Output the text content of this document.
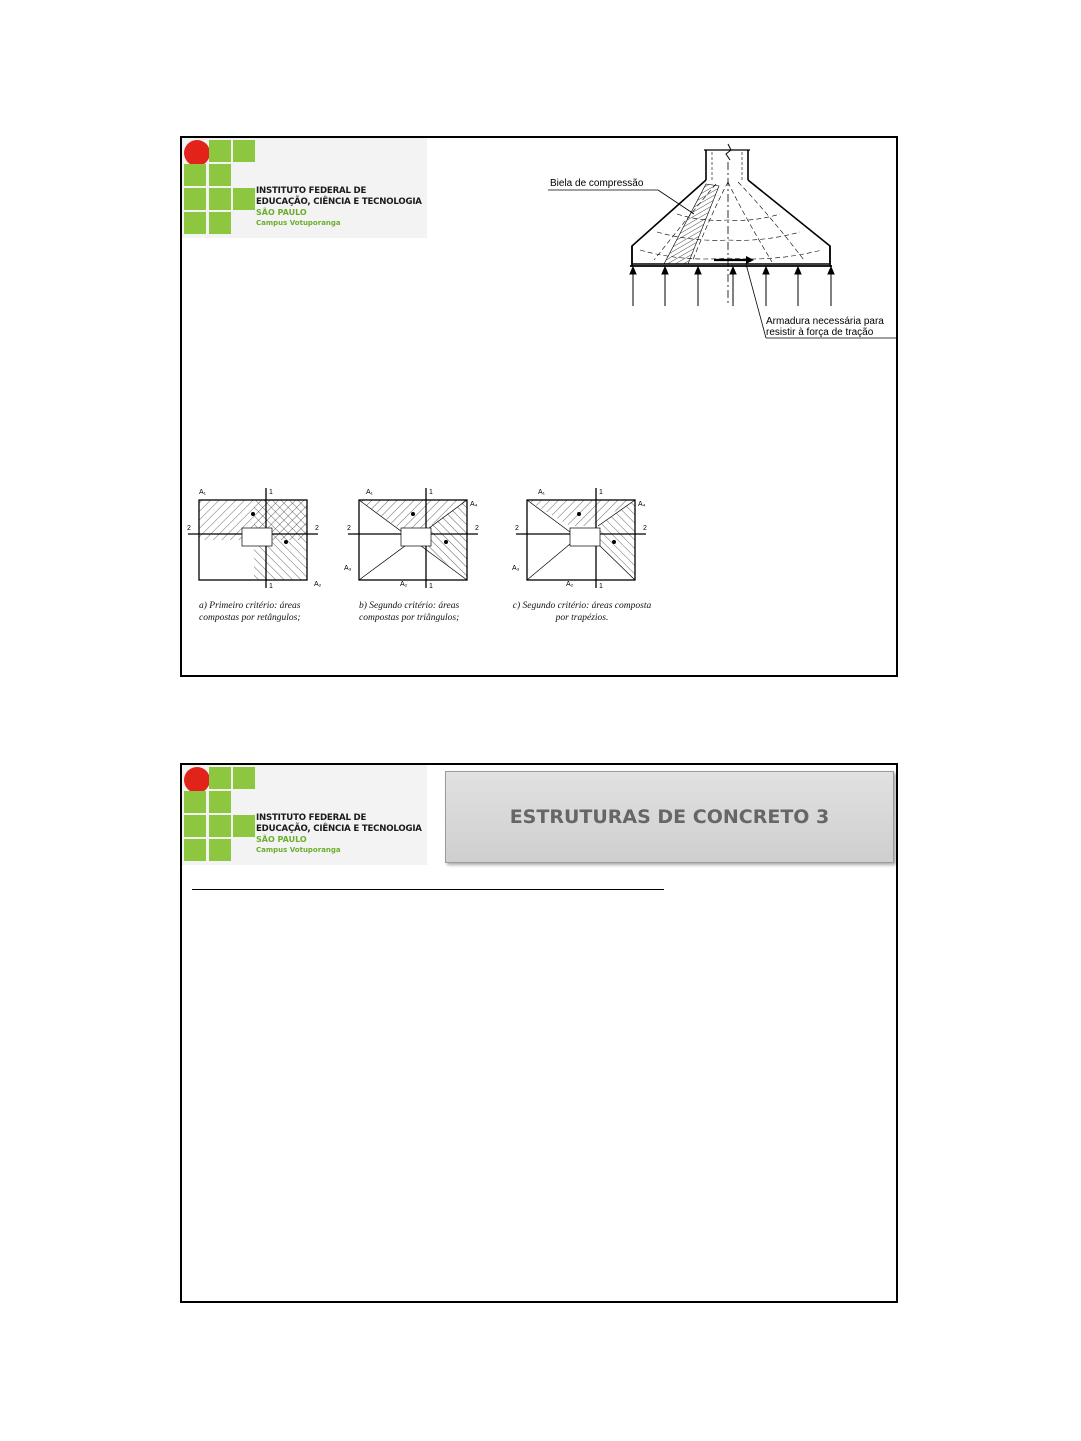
INSTITUTO FEDERAL DE
EDUCAÇÃO, CIÊNCIA E TECNOLOGIA
SÃO PAULO
Campus Votuporanga
Biela de compressão
Armadura necessária para
resistir à força de tração
A₁
A₂
1
1
2	2
A₁
A₂
A₃
A₄
1
1
2	2
A₁
A₂
A₃
A₄
1
1
2	2
a) Primeiro critério: áreas
compostas por retângulos;
b) Segundo critério: áreas
compostas por triângulos;
c) Segundo critério: áreas composta
por trapézios.
INSTITUTO FEDERAL DE
EDUCAÇÃO, CIÊNCIA E TECNOLOGIA
SÃO PAULO
Campus Votuporanga
ESTRUTURAS DE CONCRETO 3
